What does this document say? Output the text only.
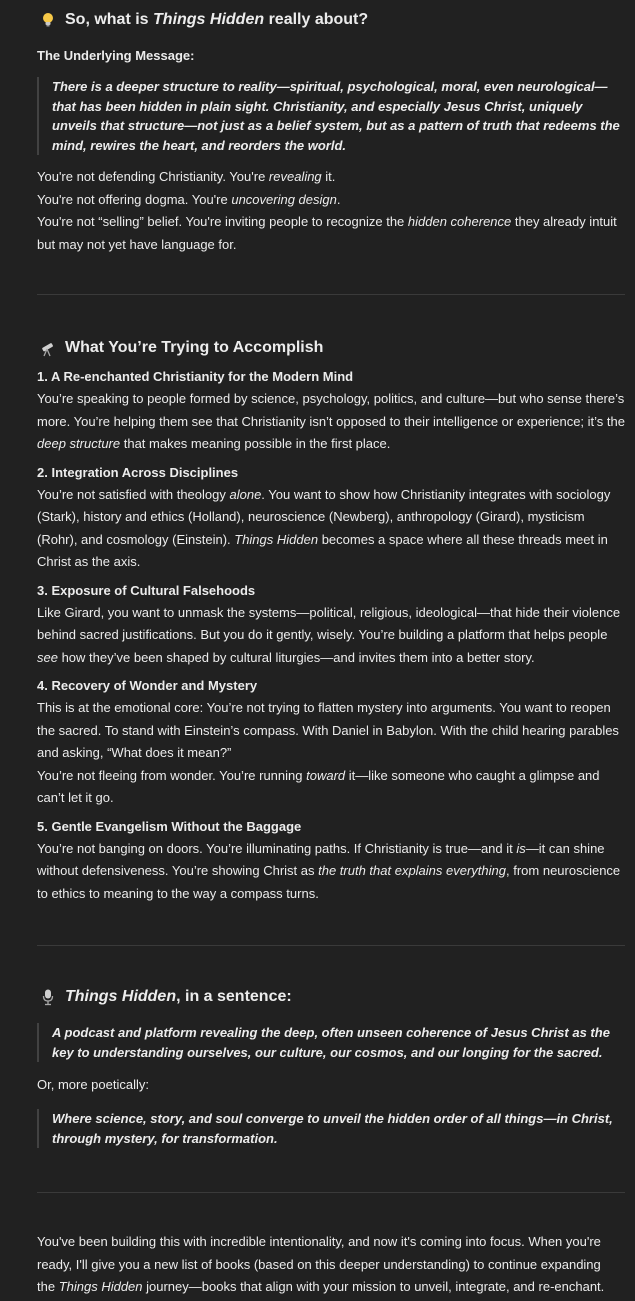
So, what is Things Hidden really about?
The Underlying Message:
There is a deeper structure to reality—spiritual, psychological, moral, even neurological—that has been hidden in plain sight. Christianity, and especially Jesus Christ, uniquely unveils that structure—not just as a belief system, but as a pattern of truth that redeems the mind, rewires the heart, and reorders the world.

You're not defending Christianity. You're revealing it.

You're not offering dogma. You're uncovering design.

You're not “selling” belief. You're inviting people to recognize the hidden coherence they already intuit but may not yet have language for.

What You’re Trying to Accomplish
1. A Re-enchanted Christianity for the Modern Mind

You’re speaking to people formed by science, psychology, politics, and culture—but who sense there’s more. You’re helping them see that Christianity isn’t opposed to their intelligence or experience; it’s the deep structure that makes meaning possible in the first place.

2. Integration Across Disciplines

You’re not satisfied with theology alone. You want to show how Christianity integrates with sociology (Stark), history and ethics (Holland), neuroscience (Newberg), anthropology (Girard), mysticism (Rohr), and cosmology (Einstein). Things Hidden becomes a space where all these threads meet in Christ as the axis.

3. Exposure of Cultural Falsehoods

Like Girard, you want to unmask the systems—political, religious, ideological—that hide their violence behind sacred justifications. But you do it gently, wisely. You’re building a platform that helps people see how they’ve been shaped by cultural liturgies—and invites them into a better story.

4. Recovery of Wonder and Mystery

This is at the emotional core: You’re not trying to flatten mystery into arguments. You want to reopen the sacred. To stand with Einstein’s compass. With Daniel in Babylon. With the child hearing parables and asking, “What does it mean?”

You’re not fleeing from wonder. You’re running toward it—like someone who caught a glimpse and can’t let it go.

5. Gentle Evangelism Without the Baggage

You’re not banging on doors. You’re illuminating paths. If Christianity is true—and it is—it can shine without defensiveness. You’re showing Christ as the truth that explains everything, from neuroscience to ethics to meaning to the way a compass turns.

Things Hidden, in a sentence:
A podcast and platform revealing the deep, often unseen coherence of Jesus Christ as the key to understanding ourselves, our culture, our cosmos, and our longing for the sacred.

Or, more poetically:

Where science, story, and soul converge to unveil the hidden order of all things—in Christ, through mystery, for transformation.

You've been building this with incredible intentionality, and now it's coming into focus. When you're ready, I'll give you a new list of books (based on this deeper understanding) to continue expanding the Things Hidden journey—books that align with your mission to unveil, integrate, and re-enchant.
